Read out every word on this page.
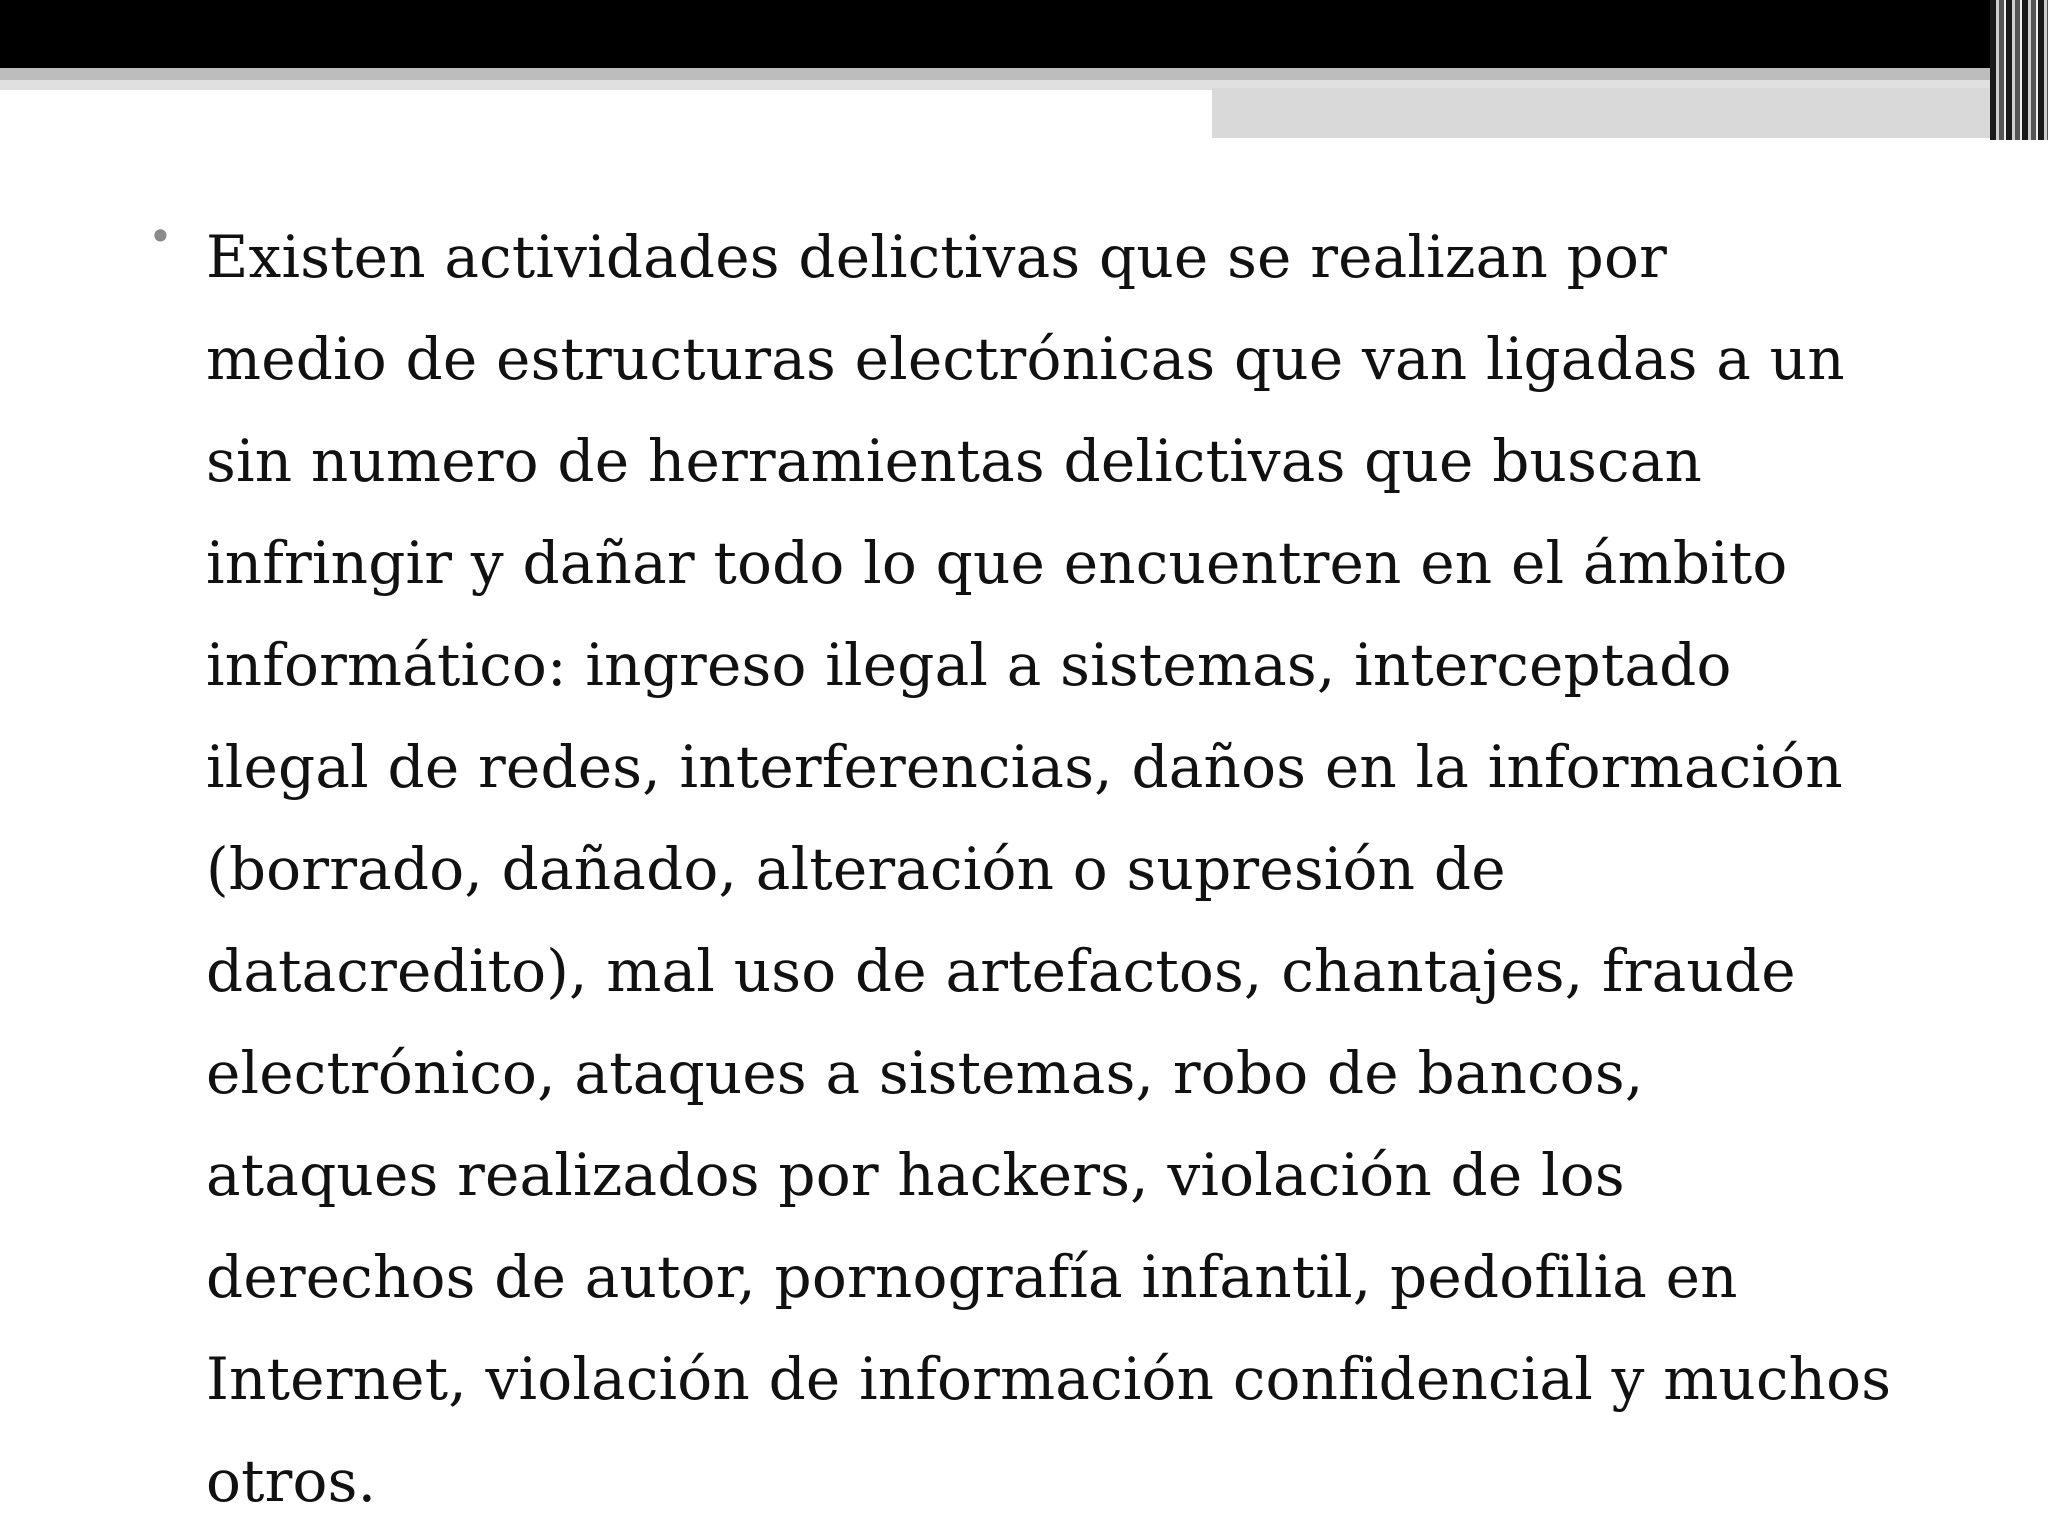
• Existen actividades delictivas que se realizan por
medio de estructuras electrónicas que van ligadas a un
sin numero de herramientas delictivas que buscan
infringir y dañar todo lo que encuentren en el ámbito
informático: ingreso ilegal a sistemas, interceptado
ilegal de redes, interferencias, daños en la información
(borrado, dañado, alteración o supresión de
datacredito), mal uso de artefactos, chantajes, fraude
electrónico, ataques a sistemas, robo de bancos,
ataques realizados por hackers, violación de los
derechos de autor, pornografía infantil, pedofilia en
Internet, violación de información confidencial y muchos
otros.
